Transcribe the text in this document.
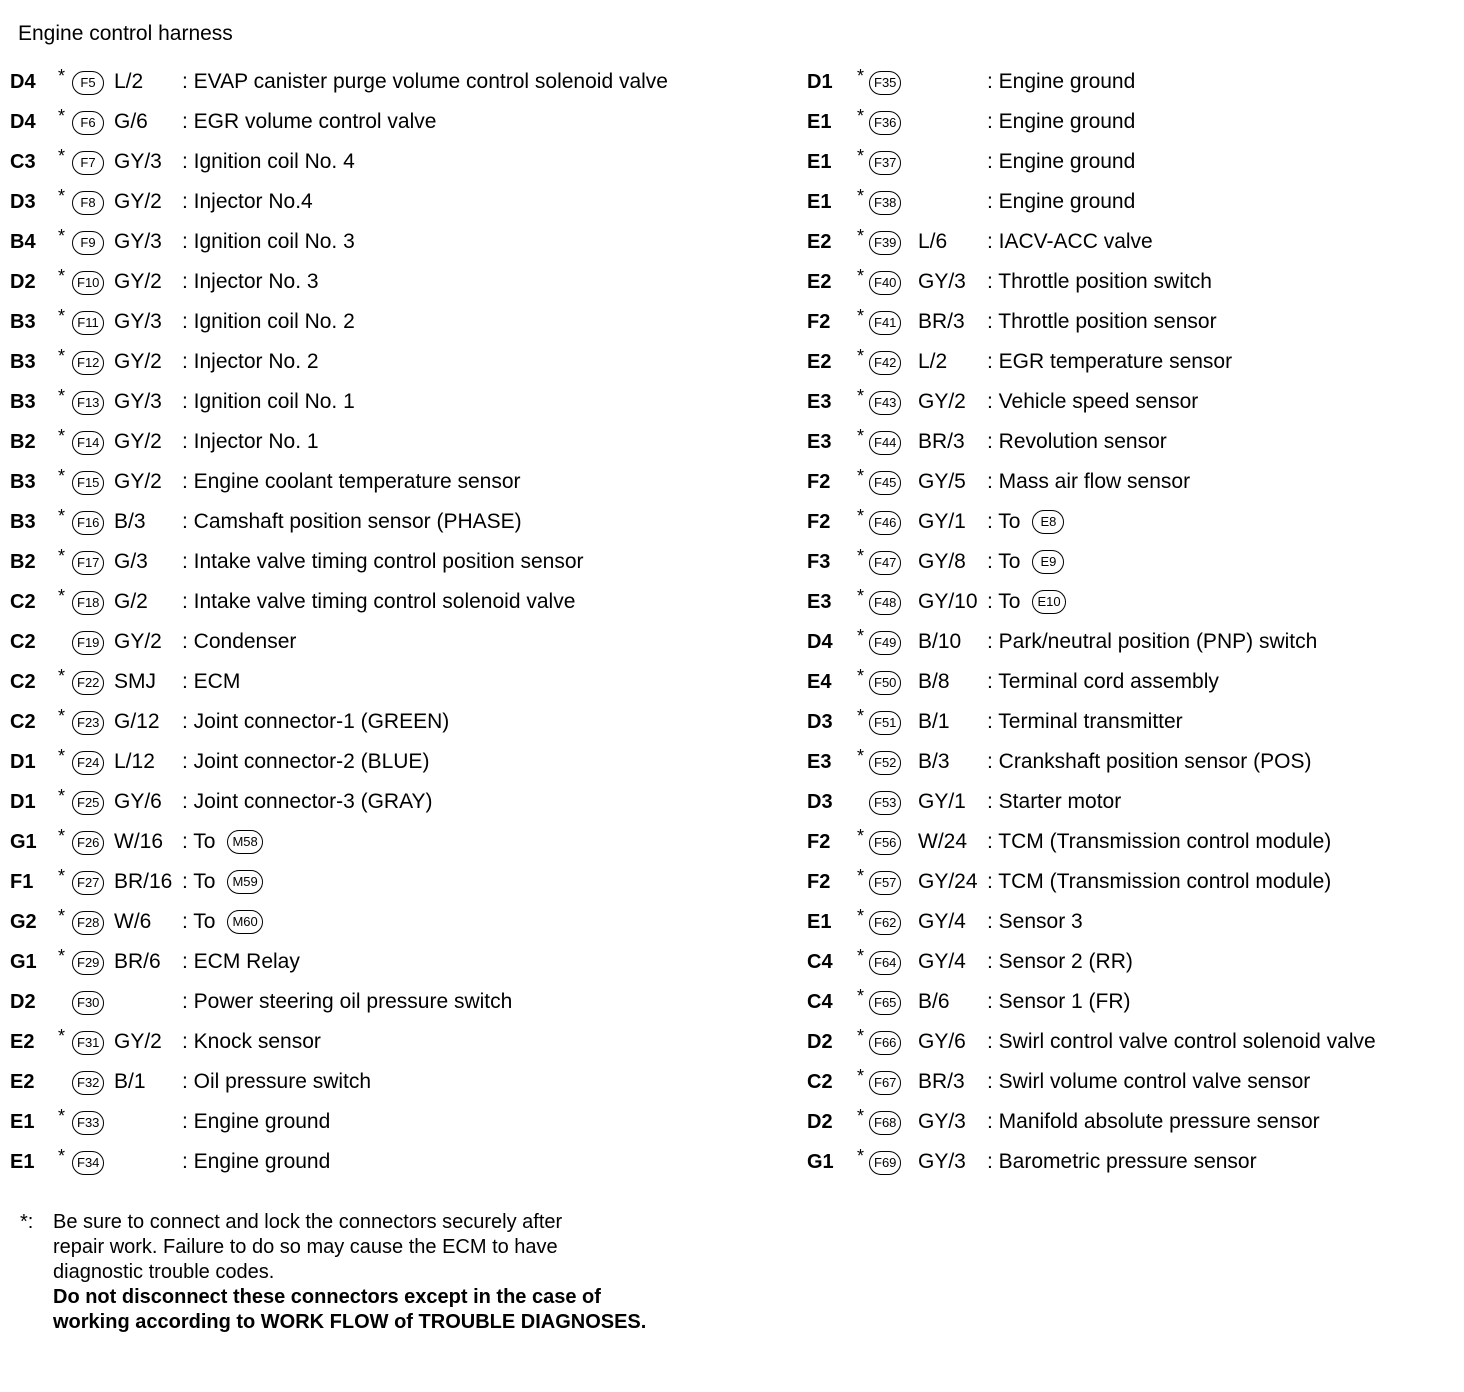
Engine control harness
D4 *	F5 L/2 : EVAP canister purge volume control solenoid valve
D4 *	F6 G/6 : EGR volume control valve
C3 *	F7 GY/3 : Ignition coil No. 4
D3 *	F8 GY/2 : Injector No.4
B4 *	F9 GY/3 : Ignition coil No. 3
D2 * F10 GY/2 : Injector No. 3
B3 * F11 GY/3 : Ignition coil No. 2
B3 * F12 GY/2 : Injector No. 2
B3 * F13 GY/3 : Ignition coil No. 1
B2 * F14 GY/2 : Injector No. 1
B3 * F15 GY/2 : Engine coolant temperature sensor
B3 * F16 B/3 : Camshaft position sensor (PHASE)
B2 * F17 G/3 : Intake valve timing control position sensor
C2 * F18 G/2 : Intake valve timing control solenoid valve
C2	F19 GY/2 : Condenser
C2 * F22 SMJ : ECM
C2 * F23 G/12 : Joint connector-1 (GREEN)
D1 * F24 L/12 : Joint connector-2 (BLUE)
D1 * F25 GY/6 : Joint connector-3 (GRAY)
G1 * F26 W/16 : To M58
F1 * F27 BR/16 : To M59
G2 * F28 W/6 : To M60
G1 * F29 BR/6 : ECM Relay
D2	F30	: Power steering oil pressure switch
E2 * F31 GY/2 : Knock sensor
E2	F32 B/1 : Oil pressure switch
E1 * F33	: Engine ground
E1 * F34	: Engine ground
D1 * F35	: Engine ground
E1 * F36	: Engine ground
E1 * F37	: Engine ground
E1 * F38	: Engine ground
E2 * F39 L/6 : IACV-ACC valve
E2 * F40 GY/3 : Throttle position switch
F2 * F41 BR/3 : Throttle position sensor
E2 * F42 L/2 : EGR temperature sensor
E3 * F43 GY/2 : Vehicle speed sensor
E3 * F44 BR/3 : Revolution sensor
F2 * F45 GY/5 : Mass air flow sensor
F2 * F46 GY/1 : To E8
F3 * F47 GY/8 : To E9
E3 * F48 GY/10 : To E10
D4 * F49 B/10 : Park/neutral position (PNP) switch
E4 * F50 B/8 : Terminal cord assembly
D3 * F51 B/1 : Terminal transmitter
E3 * F52 B/3 : Crankshaft position sensor (POS)
D3	F53 GY/1 : Starter motor
F2 * F56 W/24 : TCM (Transmission control module)
F2 * F57 GY/24 : TCM (Transmission control module)
E1 * F62 GY/4 : Sensor 3
C4 * F64 GY/4 : Sensor 2 (RR)
C4 * F65 B/6 : Sensor 1 (FR)
D2 * F66 GY/6 : Swirl control valve control solenoid valve
C2 * F67 BR/3 : Swirl volume control valve sensor
D2 * F68 GY/3 : Manifold absolute pressure sensor
G1 * F69 GY/3 : Barometric pressure sensor
*: Be sure to connect and lock the connectors securely after
repair work. Failure to do so may cause the ECM to have
diagnostic trouble codes.
Do not disconnect these connectors except in the case of
working according to WORK FLOW of TROUBLE DIAGNOSES.
